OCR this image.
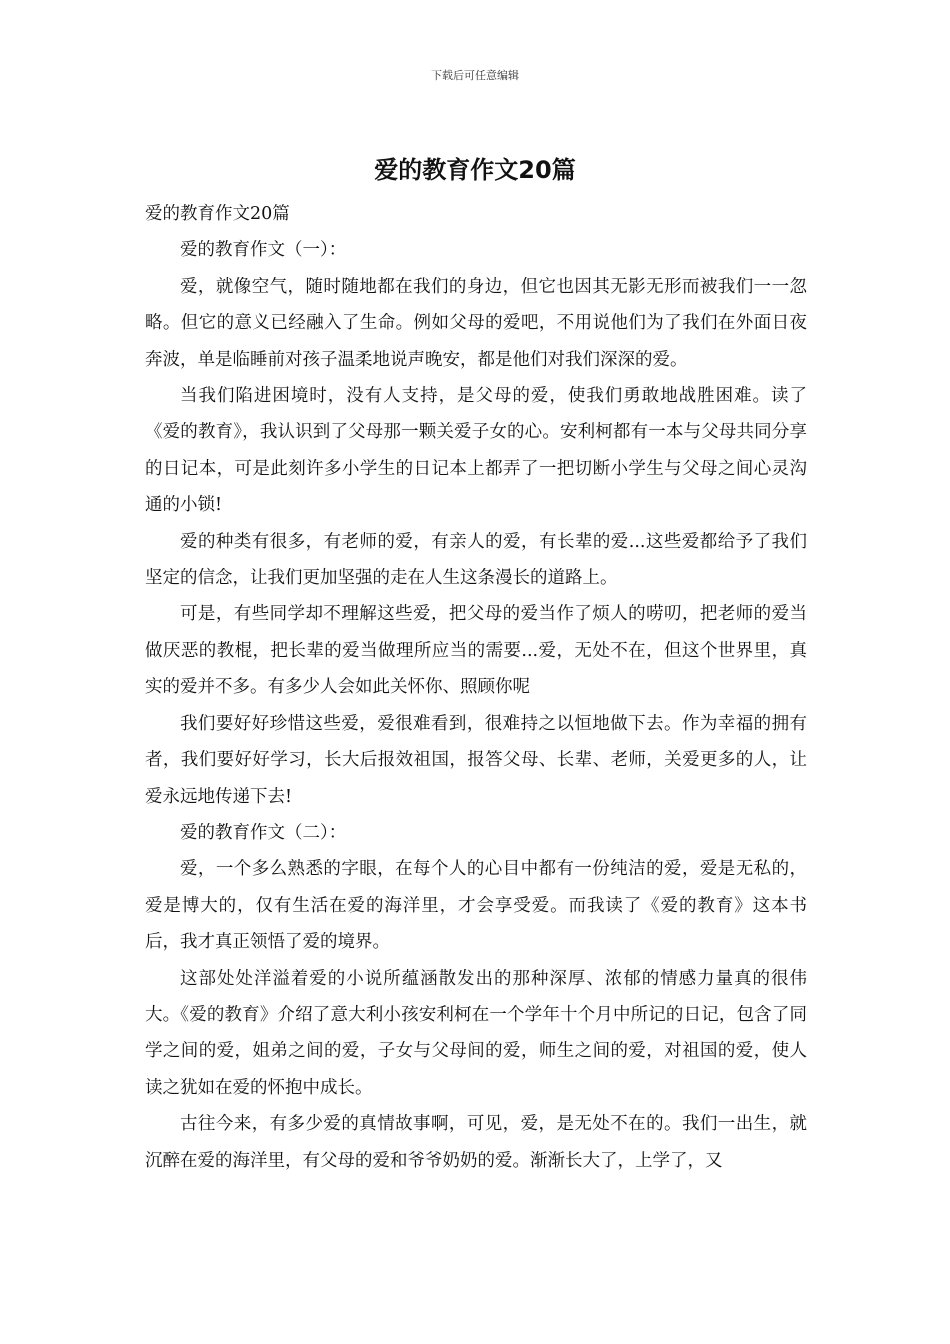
下载后可任意编辑
爱的教育作文20篇

爱的教育作文20篇

爱的教育作文（一）：

爱，就像空气，随时随地都在我们的身边，但它也因其无影无形而被我们一一忽略。但它的意义已经融入了生命。例如父母的爱吧，不用说他们为了我们在外面日夜奔波，单是临睡前对孩子温柔地说声晚安，都是他们对我们深深的爱。

当我们陷进困境时，没有人支持，是父母的爱，使我们勇敢地战胜困难。读了《爱的教育》，我认识到了父母那一颗关爱子女的心。安利柯都有一本与父母共同分享的日记本，可是此刻许多小学生的日记本上都弄了一把切断小学生与父母之间心灵沟通的小锁!

爱的种类有很多，有老师的爱，有亲人的爱，有长辈的爱...这些爱都给予了我们坚定的信念，让我们更加坚强的走在人生这条漫长的道路上。

可是，有些同学却不理解这些爱，把父母的爱当作了烦人的唠叨，把老师的爱当做厌恶的教棍，把长辈的爱当做理所应当的需要...爱，无处不在，但这个世界里，真实的爱并不多。有多少人会如此关怀你、照顾你呢

我们要好好珍惜这些爱，爱很难看到，很难持之以恒地做下去。作为幸福的拥有者，我们要好好学习，长大后报效祖国，报答父母、长辈、老师，关爱更多的人，让爱永远地传递下去!

爱的教育作文（二）：

爱，一个多么熟悉的字眼，在每个人的心目中都有一份纯洁的爱，爱是无私的，爱是博大的，仅有生活在爱的海洋里，才会享受爱。而我读了《爱的教育》这本书后，我才真正领悟了爱的境界。

这部处处洋溢着爱的小说所蕴涵散发出的那种深厚、浓郁的情感力量真的很伟大。《爱的教育》介绍了意大利小孩安利柯在一个学年十个月中所记的日记，包含了同学之间的爱，姐弟之间的爱，子女与父母间的爱，师生之间的爱，对祖国的爱，使人读之犹如在爱的怀抱中成长。

古往今来，有多少爱的真情故事啊，可见，爱，是无处不在的。我们一出生，就沉醉在爱的海洋里，有父母的爱和爷爷奶奶的爱。渐渐长大了，上学了，又
